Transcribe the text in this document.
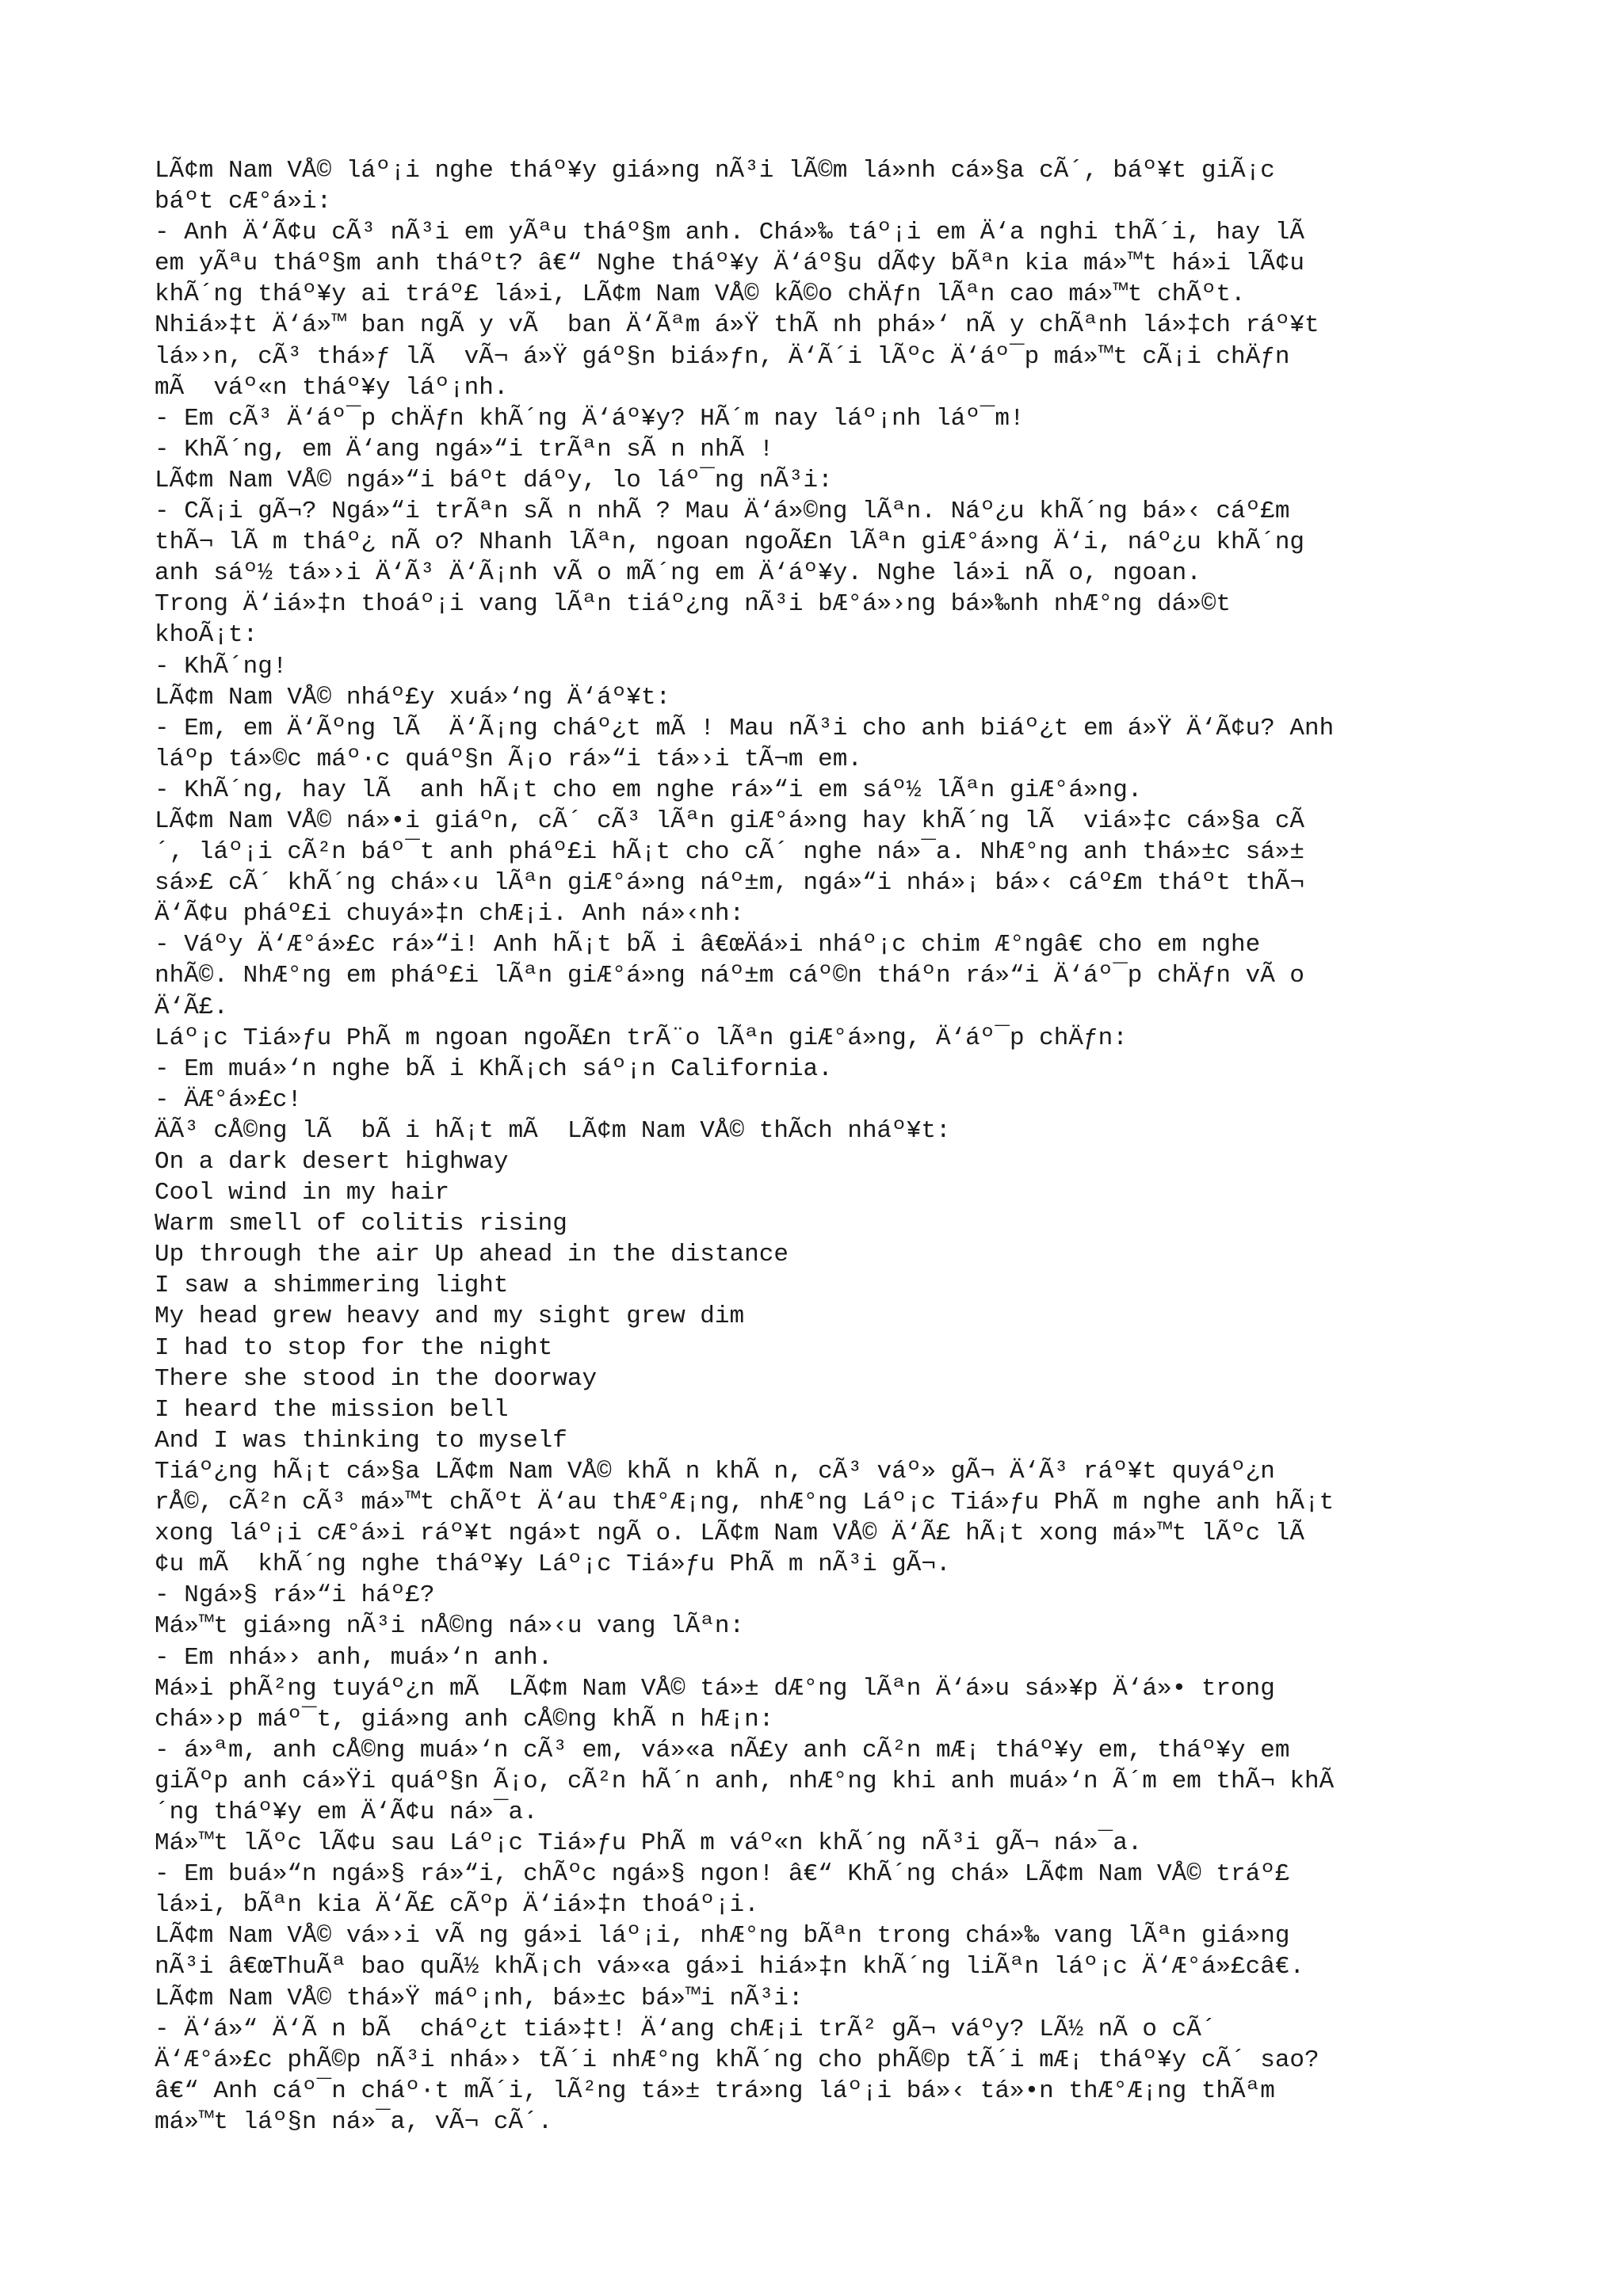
LÃ¢m Nam VÅ© láº¡i nghe tháº¥y giá»ng nÃ³i lÃ©m lá»nh cá»§a cÃ´, báº¥t giÃ¡c
báºt cÆ°á»i:
- Anh Ä‘Ã¢u cÃ³ nÃ³i em yÃªu tháº§m anh. Chá»‰ táº¡i em Ä‘a nghi thÃ´i, hay lÃ
em yÃªu tháº§m anh tháºt? â€“ Nghe tháº¥y Ä‘áº§u dÃ¢y bÃªn kia má»™t há»i lÃ¢u
khÃ´ng tháº¥y ai tráº£ lá»i, LÃ¢m Nam VÅ© kÃ©o chÄƒn lÃªn cao má»™t chÃºt.
Nhiá»‡t Ä‘á»™ ban ngÃ y vÃ  ban Ä‘Ãªm á»Ÿ thÃ nh phá»‘ nÃ y chÃªnh lá»‡ch ráº¥t
lá»›n, cÃ³ thá»ƒ lÃ  vÃ¬ á»Ÿ gáº§n biá»ƒn, Ä‘Ã´i lÃºc Ä‘áº¯p má»™t cÃ¡i chÄƒn
mÃ  váº«n tháº¥y láº¡nh.
- Em cÃ³ Ä‘áº¯p chÄƒn khÃ´ng Ä‘áº¥y? HÃ´m nay láº¡nh láº¯m!
- KhÃ´ng, em Ä‘ang ngá»“i trÃªn sÃ n nhÃ !
LÃ¢m Nam VÅ© ngá»“i báºt dáºy, lo láº¯ng nÃ³i:
- CÃ¡i gÃ¬? Ngá»“i trÃªn sÃ n nhÃ ? Mau Ä‘á»©ng lÃªn. Náº¿u khÃ´ng bá»‹ cáº£m
thÃ¬ lÃ m tháº¿ nÃ o? Nhanh lÃªn, ngoan ngoÃ£n lÃªn giÆ°á»ng Ä‘i, náº¿u khÃ´ng
anh sáº½ tá»›i Ä‘Ã³ Ä‘Ã¡nh vÃ o mÃ´ng em Ä‘áº¥y. Nghe lá»i nÃ o, ngoan.
Trong Ä‘iá»‡n thoáº¡i vang lÃªn tiáº¿ng nÃ³i bÆ°á»›ng bá»‰nh nhÆ°ng dá»©t
khoÃ¡t:
- KhÃ´ng!
LÃ¢m Nam VÅ© nháº£y xuá»‘ng Ä‘áº¥t:
- Em, em Ä‘Ãºng lÃ  Ä‘Ã¡ng cháº¿t mÃ ! Mau nÃ³i cho anh biáº¿t em á»Ÿ Ä‘Ã¢u? Anh
láºp tá»©c máº·c quáº§n Ã¡o rá»“i tá»›i tÃ¬m em.
- KhÃ´ng, hay lÃ  anh hÃ¡t cho em nghe rá»“i em sáº½ lÃªn giÆ°á»ng.
LÃ¢m Nam VÅ© ná»•i giáºn, cÃ´ cÃ³ lÃªn giÆ°á»ng hay khÃ´ng lÃ  viá»‡c cá»§a cÃ
´, láº¡i cÃ²n báº¯t anh pháº£i hÃ¡t cho cÃ´ nghe ná»¯a. NhÆ°ng anh thá»±c sá»±
sá»£ cÃ´ khÃ´ng chá»‹u lÃªn giÆ°á»ng náº±m, ngá»“i nhá»¡ bá»‹ cáº£m tháºt thÃ¬
Ä‘Ã¢u pháº£i chuyá»‡n chÆ¡i. Anh ná»‹nh:
- Váºy Ä‘Æ°á»£c rá»“i! Anh hÃ¡t bÃ i â€œÄá»i nháº¡c chim Æ°ngâ€ cho em nghe
nhÃ©. NhÆ°ng em pháº£i lÃªn giÆ°á»ng náº±m cáº©n tháºn rá»“i Ä‘áº¯p chÄƒn vÃ o
Ä‘Ã£.
Láº¡c Tiá»ƒu PhÃ m ngoan ngoÃ£n trÃ¨o lÃªn giÆ°á»ng, Ä‘áº¯p chÄƒn:
- Em muá»‘n nghe bÃ i KhÃ¡ch sáº¡n California.
- ÄÆ°á»£c!
ÄÃ³ cÅ©ng lÃ  bÃ i hÃ¡t mÃ  LÃ¢m Nam VÅ© thÃch nháº¥t:
On a dark desert highway
Cool wind in my hair
Warm smell of colitis rising
Up through the air Up ahead in the distance
I saw a shimmering light
My head grew heavy and my sight grew dim
I had to stop for the night
There she stood in the doorway
I heard the mission bell
And I was thinking to myself
Tiáº¿ng hÃ¡t cá»§a LÃ¢m Nam VÅ© khÃ n khÃ n, cÃ³ váº» gÃ¬ Ä‘Ã³ ráº¥t quyáº¿n
rÅ©, cÃ²n cÃ³ má»™t chÃºt Ä‘au thÆ°Æ¡ng, nhÆ°ng Láº¡c Tiá»ƒu PhÃ m nghe anh hÃ¡t
xong láº¡i cÆ°á»i ráº¥t ngá»t ngÃ o. LÃ¢m Nam VÅ© Ä‘Ã£ hÃ¡t xong má»™t lÃºc lÃ
¢u mÃ  khÃ´ng nghe tháº¥y Láº¡c Tiá»ƒu PhÃ m nÃ³i gÃ¬.
- Ngá»§ rá»“i háº£?
Má»™t giá»ng nÃ³i nÅ©ng ná»‹u vang lÃªn:
- Em nhá»› anh, muá»‘n anh.
Má»i phÃ²ng tuyáº¿n mÃ  LÃ¢m Nam VÅ© tá»± dÆ°ng lÃªn Ä‘á»u sá»¥p Ä‘á»• trong
chá»›p máº¯t, giá»ng anh cÅ©ng khÃ n hÆ¡n:
- á»ªm, anh cÅ©ng muá»‘n cÃ³ em, vá»«a nÃ£y anh cÃ²n mÆ¡ tháº¥y em, tháº¥y em
giÃºp anh cá»Ÿi quáº§n Ã¡o, cÃ²n hÃ´n anh, nhÆ°ng khi anh muá»‘n Ã´m em thÃ¬ khÃ
´ng tháº¥y em Ä‘Ã¢u ná»¯a.
Má»™t lÃºc lÃ¢u sau Láº¡c Tiá»ƒu PhÃ m váº«n khÃ´ng nÃ³i gÃ¬ ná»¯a.
- Em buá»“n ngá»§ rá»“i, chÃºc ngá»§ ngon! â€“ KhÃ´ng chá» LÃ¢m Nam VÅ© tráº£
lá»i, bÃªn kia Ä‘Ã£ cÃºp Ä‘iá»‡n thoáº¡i.
LÃ¢m Nam VÅ© vá»›i vÃ ng gá»i láº¡i, nhÆ°ng bÃªn trong chá»‰ vang lÃªn giá»ng
nÃ³i â€œThuÃª bao quÃ½ khÃ¡ch vá»«a gá»i hiá»‡n khÃ´ng liÃªn láº¡c Ä‘Æ°á»£câ€.
LÃ¢m Nam VÅ© thá»Ÿ máº¡nh, bá»±c bá»™i nÃ³i:
- Ä‘á»“ Ä‘Ã n bÃ  cháº¿t tiá»‡t! Ä‘ang chÆ¡i trÃ² gÃ¬ váºy? LÃ½ nÃ o cÃ´
Ä‘Æ°á»£c phÃ©p nÃ³i nhá»› tÃ´i nhÆ°ng khÃ´ng cho phÃ©p tÃ´i mÆ¡ tháº¥y cÃ´ sao?
â€“ Anh cáº¯n cháº·t mÃ´i, lÃ²ng tá»± trá»ng láº¡i bá»‹ tá»•n thÆ°Æ¡ng thÃªm
má»™t láº§n ná»¯a, vÃ¬ cÃ´.
